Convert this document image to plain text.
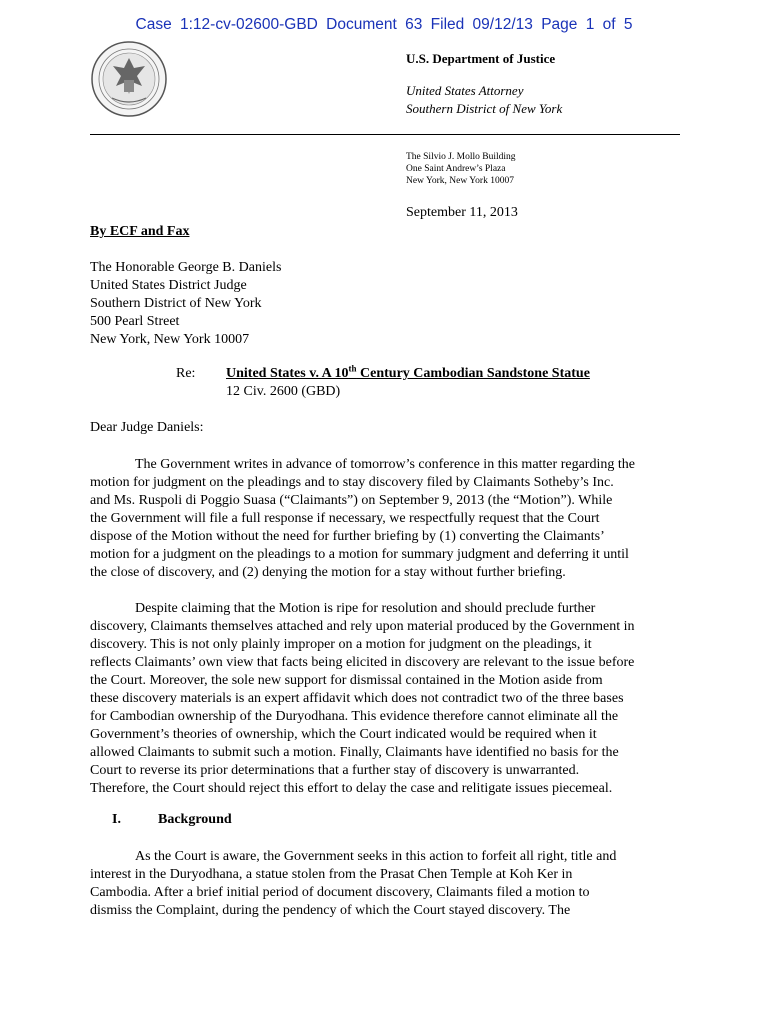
Case 1:12-cv-02600-GBD Document 63 Filed 09/12/13 Page 1 of 5
U.S. Department of Justice
United States Attorney
Southern District of New York
The Silvio J. Mollo Building
One Saint Andrew’s Plaza
New York, New York 10007
September 11, 2013
By ECF and Fax
The Honorable George B. Daniels
United States District Judge
Southern District of New York
500 Pearl Street
New York, New York 10007
Re: United States v. A 10th Century Cambodian Sandstone Statue
12 Civ. 2600 (GBD)
Dear Judge Daniels:
The Government writes in advance of tomorrow’s conference in this matter regarding the
motion for judgment on the pleadings and to stay discovery filed by Claimants Sotheby’s Inc.
and Ms. Ruspoli di Poggio Suasa (“Claimants”) on September 9, 2013 (the “Motion”). While
the Government will file a full response if necessary, we respectfully request that the Court
dispose of the Motion without the need for further briefing by (1) converting the Claimants’
motion for a judgment on the pleadings to a motion for summary judgment and deferring it until
the close of discovery, and (2) denying the motion for a stay without further briefing.
Despite claiming that the Motion is ripe for resolution and should preclude further
discovery, Claimants themselves attached and rely upon material produced by the Government in
discovery. This is not only plainly improper on a motion for judgment on the pleadings, it
reflects Claimants’ own view that facts being elicited in discovery are relevant to the issue before
the Court. Moreover, the sole new support for dismissal contained in the Motion aside from
these discovery materials is an expert affidavit which does not contradict two of the three bases
for Cambodian ownership of the Duryodhana. This evidence therefore cannot eliminate all the
Government’s theories of ownership, which the Court indicated would be required when it
allowed Claimants to submit such a motion. Finally, Claimants have identified no basis for the
Court to reverse its prior determinations that a further stay of discovery is unwarranted.
Therefore, the Court should reject this effort to delay the case and relitigate issues piecemeal.
I.	Background
As the Court is aware, the Government seeks in this action to forfeit all right, title and
interest in the Duryodhana, a statue stolen from the Prasat Chen Temple at Koh Ker in
Cambodia. After a brief initial period of document discovery, Claimants filed a motion to
dismiss the Complaint, during the pendency of which the Court stayed discovery. The
